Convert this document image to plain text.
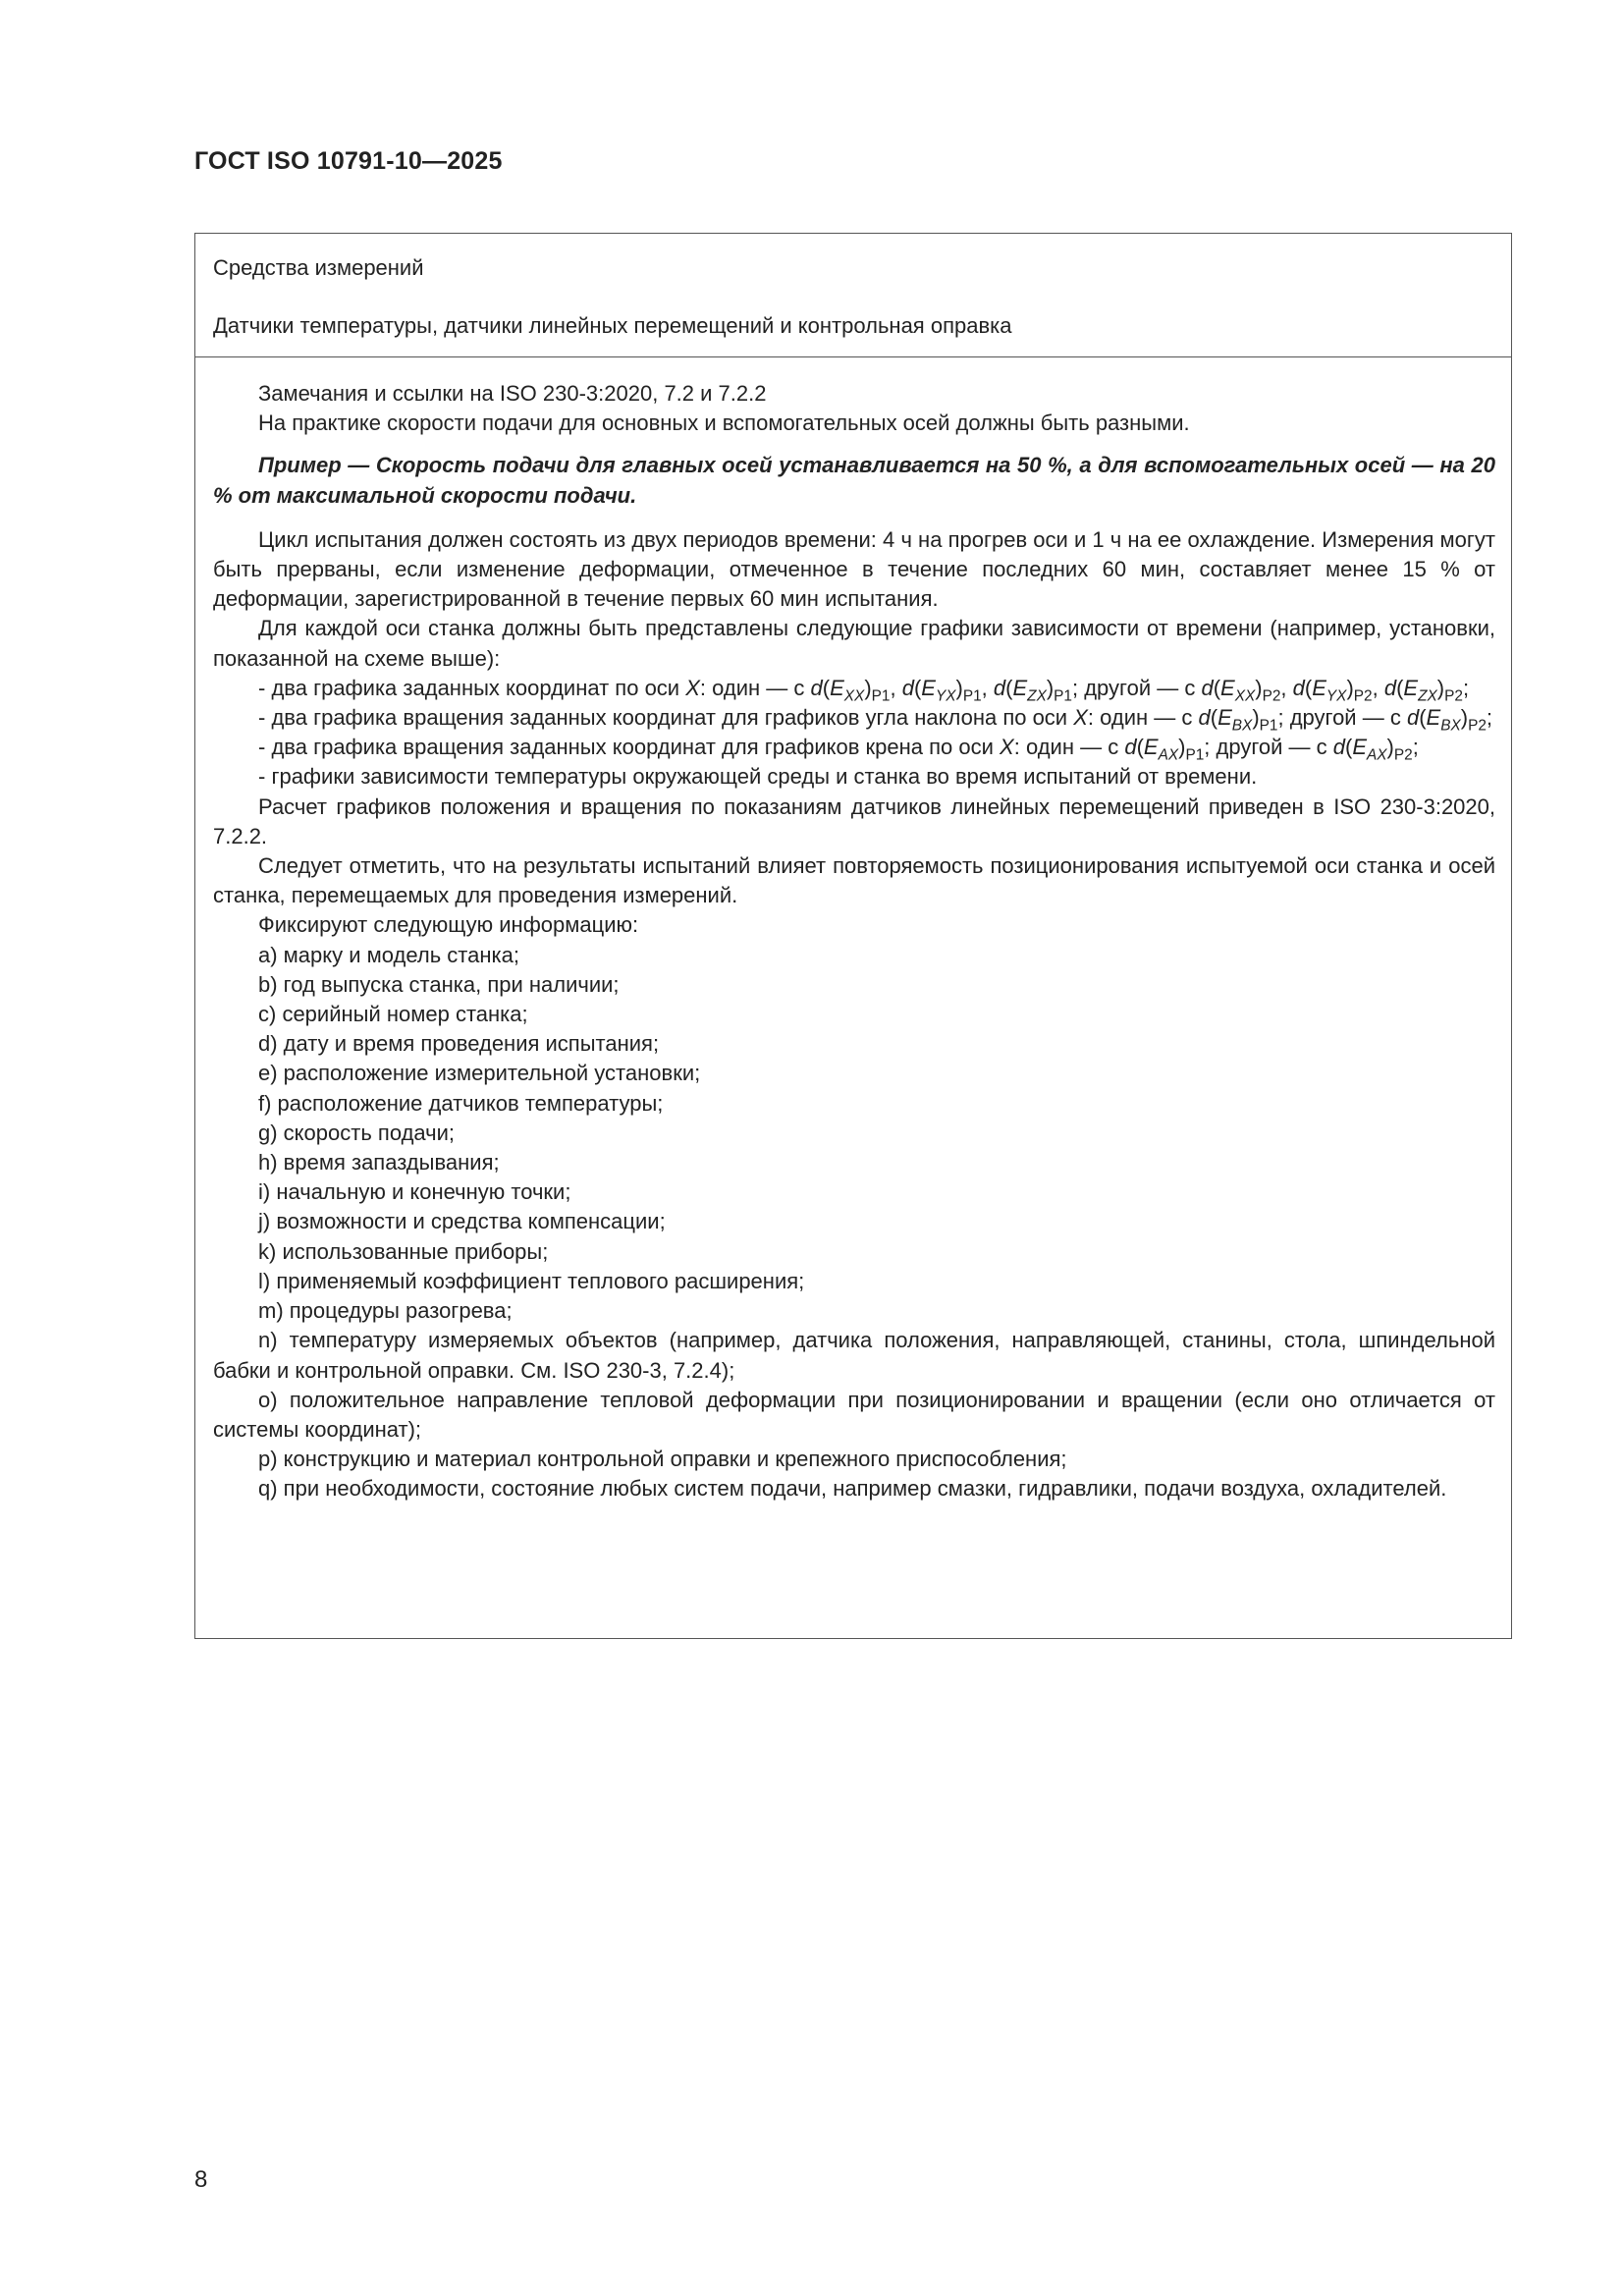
ГОСТ ISO 10791-10—2025
Средства измерений
Датчики температуры, датчики линейных перемещений и контрольная оправка

Замечания и ссылки на ISO 230-3:2020, 7.2 и 7.2.2

На практике скорости подачи для основных и вспомогательных осей должны быть разными.

Пример — Скорость подачи для главных осей устанавливается на 50 %, а для вспомогательных осей — на 20 % от максимальной скорости подачи.

Цикл испытания должен состоять из двух периодов времени: 4 ч на прогрев оси и 1 ч на ее охлаждение. Измерения могут быть прерваны, если изменение деформации, отмеченное в течение последних 60 мин, составляет менее 15 % от деформации, зарегистрированной в течение первых 60 мин испытания.

Для каждой оси станка должны быть представлены следующие графики зависимости от времени (например, установки, показанной на схеме выше):

- два графика заданных координат по оси X: один — с $d(E_{XX})_{P1}$, $d(E_{YX})_{P1}$, $d(E_{ZX})_{P1}$; другой — с $d(E_{XX})_{P2}$, $d(E_{YX})_{P2}$, $d(E_{ZX})_{P2}$;

- два графика вращения заданных координат для графиков угла наклона по оси X: один — с $d(E_{BX})_{P1}$; другой — с $d(E_{BX})_{P2}$;

- два графика вращения заданных координат для графиков крена по оси X: один — с $d(E_{AX})_{P1}$; другой — с $d(E_{AX})_{P2}$;

- графики зависимости температуры окружающей среды и станка во время испытаний от времени.

Расчет графиков положения и вращения по показаниям датчиков линейных перемещений приведен в ISO 230-3:2020, 7.2.2.

Следует отметить, что на результаты испытаний влияет повторяемость позиционирования испытуемой оси станка и осей станка, перемещаемых для проведения измерений.

Фиксируют следующую информацию:

a) марку и модель станка;

b) год выпуска станка, при наличии;

c) серийный номер станка;

d) дату и время проведения испытания;

e) расположение измерительной установки;

f) расположение датчиков температуры;

g) скорость подачи;

h) время запаздывания;

i) начальную и конечную точки;

j) возможности и средства компенсации;

k) использованные приборы;

l) применяемый коэффициент теплового расширения;

m) процедуры разогрева;

n) температуру измеряемых объектов (например, датчика положения, направляющей, станины, стола, шпиндельной бабки и контрольной оправки. См. ISO 230-3, 7.2.4);

o) положительное направление тепловой деформации при позиционировании и вращении (если оно отличается от системы координат);

p) конструкцию и материал контрольной оправки и крепежного приспособления;

q) при необходимости, состояние любых систем подачи, например смазки, гидравлики, подачи воздуха, охладителей.

8
